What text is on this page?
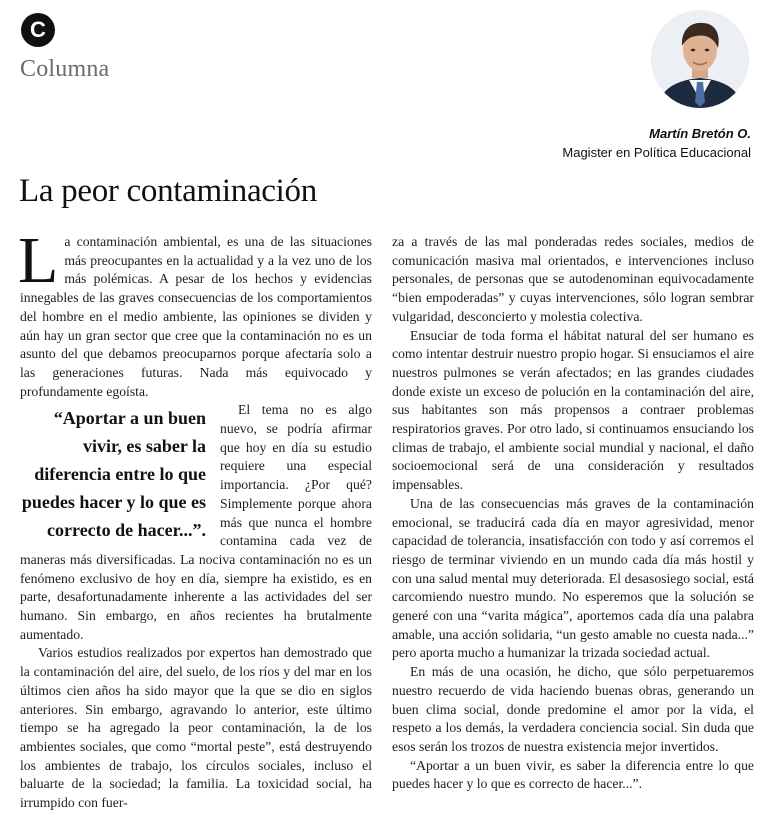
C
Columna
Martín Bretón O.
Magister en Política Educacional
La peor contaminación

La contaminación ambiental, es una de las situaciones más preocupantes en la actualidad y a la vez uno de los más polémicas. A pesar de los hechos y evidencias innegables de las graves consecuencias de los comportamientos del hombre en el medio ambiente, las opiniones se dividen y aún hay un gran sector que cree que la contaminación no es un asunto del que debamos preocuparnos porque afectaría solo a las generaciones futuras. Nada más equivocado y profundamente egoísta.

“Aportar a un buen vivir, es saber la diferencia entre lo que puedes hacer y lo que es correcto de hacer...”.
El tema no es algo nuevo, se podría afirmar que hoy en día su estudio requiere una especial importancia. ¿Por qué? Simplemente porque ahora más que nunca el hombre contamina cada vez de maneras más diversificadas. La nociva contaminación no es un fenómeno exclusivo de hoy en día, siempre ha existido, es en parte, desafortunadamente inherente a las actividades del ser humano. Sin embargo, en años recientes ha brutalmente aumentado.

Varios estudios realizados por expertos han demostrado que la contaminación del aire, del suelo, de los ríos y del mar en los últimos cien años ha sido mayor que la que se dio en siglos anteriores. Sin embargo, agravando lo anterior, este último tiempo se ha agregado la peor contaminación, la de los ambientes sociales, que como “mortal peste”, está destruyendo los ambientes de trabajo, los círculos sociales, incluso el baluarte de la sociedad; la familia. La toxicidad social, ha irrumpido con fuer-

za a través de las mal ponderadas redes sociales, medios de comunicación masiva mal orientados, e intervenciones incluso personales, de personas que se autodenominan equivocadamente “bien empoderadas” y cuyas intervenciones, sólo logran sembrar vulgaridad, desconcierto y molestia colectiva.

Ensuciar de toda forma el hábitat natural del ser humano es como intentar destruir nuestro propio hogar. Si ensuciamos el aire nuestros pulmones se verán afectados; en las grandes ciudades donde existe un exceso de polución en la contaminación del aire, sus habitantes son más propensos a contraer problemas respiratorios graves. Por otro lado, si continuamos ensuciando los climas de trabajo, el ambiente social mundial y nacional, el daño socioemocional será de una consideración y resultados impensables.

Una de las consecuencias más graves de la contaminación emocional, se traducirá cada día en mayor agresividad, menor capacidad de tolerancia, insatisfacción con todo y así corremos el riesgo de terminar viviendo en un mundo cada día más hostil y con una salud mental muy deteriorada. El desasosiego social, está carcomiendo nuestro mundo. No esperemos que la solución se generé con una “varita mágica”, aportemos cada día una palabra amable, una acción solidaria, “un gesto amable no cuesta nada...” pero aporta mucho a humanizar la trizada sociedad actual.

En más de una ocasión, he dicho, que sólo perpetuaremos nuestro recuerdo de vida haciendo buenas obras, generando un buen clima social, donde predomine el amor por la vida, el respeto a los demás, la verdadera conciencia social. Sin duda que esos serán los trozos de nuestra existencia mejor invertidos.

“Aportar a un buen vivir, es saber la diferencia entre lo que puedes hacer y lo que es correcto de hacer...”.
